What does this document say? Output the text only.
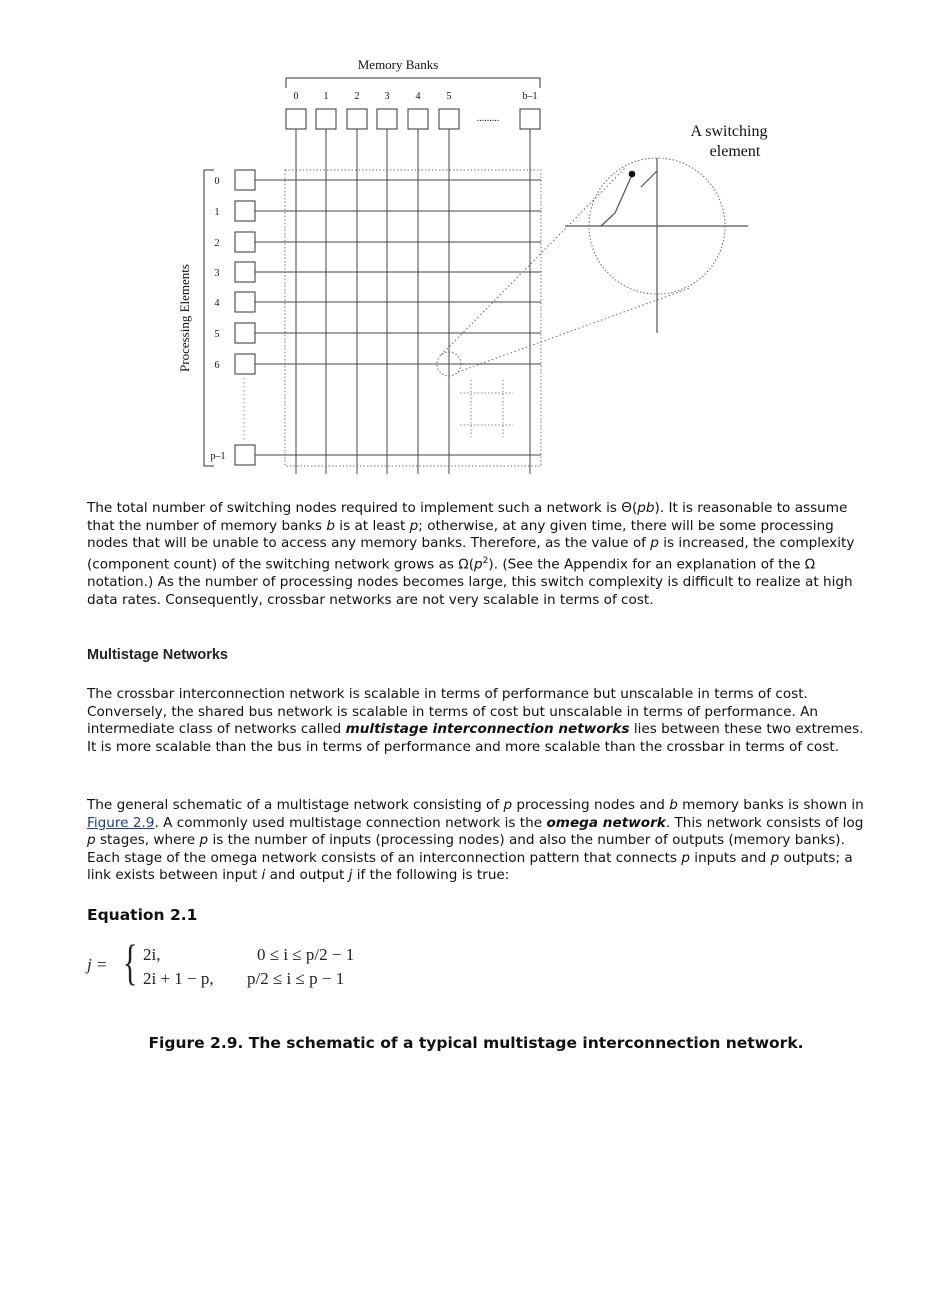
Memory Banks
0	1	2	3	4	5	b–1
.........
Processing Elements
0
1
2
3
4
5
6
p–1
A switching
element

The total number of switching nodes required to implement such a network is Θ(pb). It is reasonable to assume that the number of memory banks b is at least p; otherwise, at any given time, there will be some processing nodes that will be unable to access any memory banks. Therefore, as the value of p is increased, the complexity (component count) of the switching network grows as $\Omega(p^2)$. (See the Appendix for an explanation of the Ω notation.) As the number of processing nodes becomes large, this switch complexity is difficult to realize at high data rates. Consequently, crossbar networks are not very scalable in terms of cost.

Multistage Networks

The crossbar interconnection network is scalable in terms of performance but unscalable in terms of cost. Conversely, the shared bus network is scalable in terms of cost but unscalable in terms of performance. An intermediate class of networks called multistage interconnection networks lies between these two extremes. It is more scalable than the bus in terms of performance and more scalable than the crossbar in terms of cost.

The general schematic of a multistage network consisting of p processing nodes and b memory banks is shown in Figure 2.9. A commonly used multistage connection network is the omega network. This network consists of log p stages, where p is the number of inputs (processing nodes) and also the number of outputs (memory banks). Each stage of the omega network consists of an interconnection pattern that connects p inputs and p outputs; a link exists between input i and output j if the following is true:

Equation 2.1
j = { 2i,	0 ≤ i ≤ p/2 − 1
2i + 1 − p, p/2 ≤ i ≤ p − 1

Figure 2.9. The schematic of a typical multistage interconnection network.
